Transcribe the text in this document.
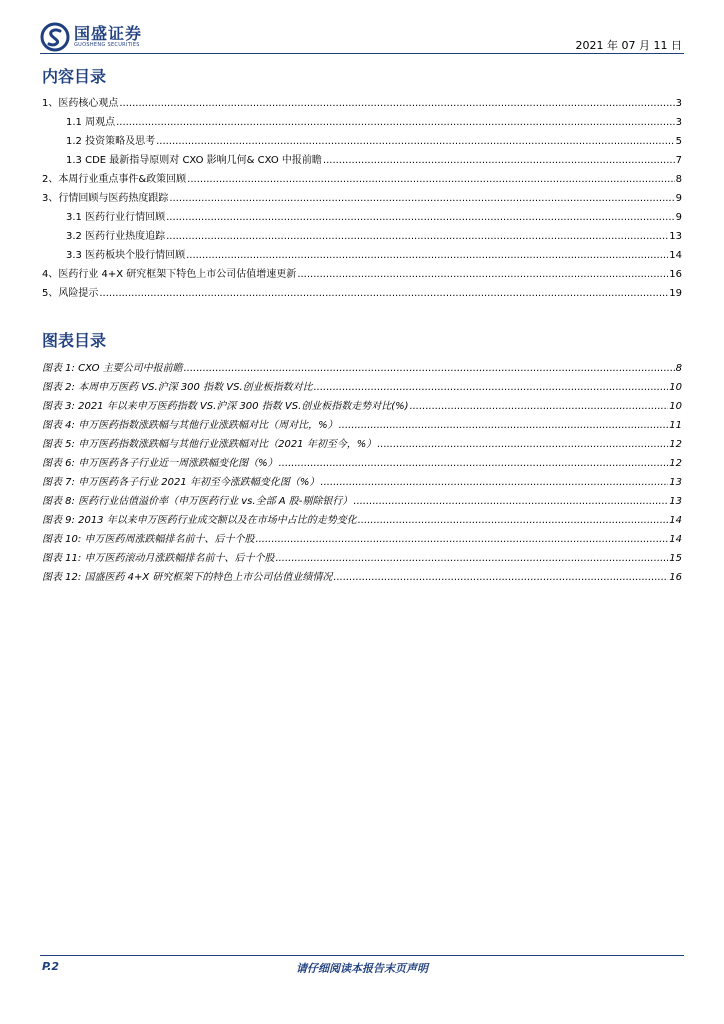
国盛证券
GUOSHENG SECURITIES	2021 年 07 月 11 日
内容目录
1、医药核心观点 .....	3
1.1 周观点 .....	3
1.2 投资策略及思考 .....	5
1.3 CDE 最新指导原则对 CXO 影响几何& CXO 中报前瞻 .....	7
2、本周行业重点事件&政策回顾 .....	8
3、行情回顾与医药热度跟踪 .....	9
3.1 医药行业行情回顾 .....	9
3.2 医药行业热度追踪 .....	13
3.3 医药板块个股行情回顾 .....	14
4、医药行业 4+X 研究框架下特色上市公司估值增速更新 .....	16
5、风险提示 .....	19
图表目录
图表 1: CXO 主要公司中报前瞻 .....	8
图表 2: 本周申万医药 VS.沪深 300 指数 VS.创业板指数对比 .....	10
图表 3: 2021 年以来申万医药指数 VS.沪深 300 指数 VS.创业板指数走势对比(%) .....	10
图表 4: 申万医药指数涨跌幅与其他行业涨跌幅对比（周对比，%） .....	11
图表 5: 申万医药指数涨跌幅与其他行业涨跌幅对比（2021 年初至今，%） .....	12
图表 6: 申万医药各子行业近一周涨跌幅变化图（%） .....	12
图表 7: 申万医药各子行业 2021 年初至今涨跌幅变化图（%） .....	13
图表 8: 医药行业估值溢价率（申万医药行业 vs.全部 A 股-剔除银行） .....	13
图表 9: 2013 年以来申万医药行业成交额以及在市场中占比的走势变化 .....	14
图表 10: 申万医药周涨跌幅排名前十、后十个股 .....	14
图表 11: 申万医药滚动月涨跌幅排名前十、后十个股 .....	15
图表 12: 国盛医药 4+X 研究框架下的特色上市公司估值业绩情况 .....	16
请仔细阅读本报告末页声明
P.2
